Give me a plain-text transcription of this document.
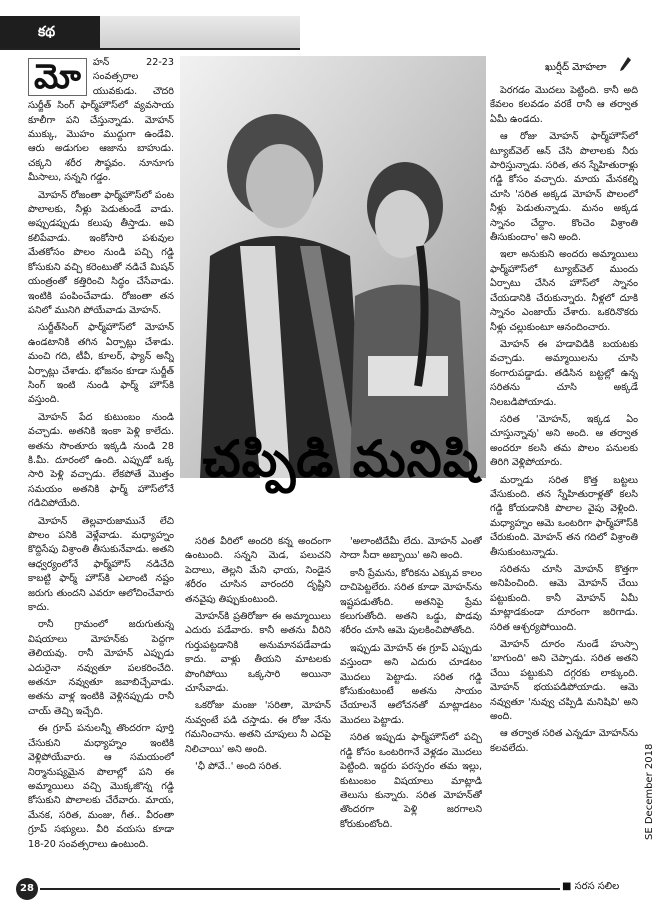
కథ

మో	హన్ 22-23 సంవత్సరాల యువకుడు. చౌదరి సుర్జీత్ సింగ్ ఫార్మ్‌హౌస్‌లో వ్యవసాయ కూలీగా పని చేస్తున్నాడు. మోహన్ ముక్కు, మొహం ముద్దుగా ఉండేవి. ఆరు అడుగుల ఆజాను బాహుడు. చక్కని శరీర సౌష్ఠవం. నూనూగు మీసాలు, సన్నని గడ్డం.

మోహన్ రోజంతా ఫార్మ్‌హౌస్‌లో పంట పొలాలకు, నీళ్లు పెడుతుండే వాడు. అప్పుడప్పుడు కలుపు తీస్తాడు. అవి కలిపేవాడు. ఇంకోసారి పశువుల మేతకోసం పొలం నుండి పచ్చి గడ్డి కోసుకుని వచ్చి కరెంటుతో నడిచే మిషన్ యంత్రంతో కత్తిరించి సిద్ధం చేసేవాడు. ఇంటికి పంపించేవాడు. రోజంతా తన పనిలో మునిగి పోయేవాడు మోహన్.

సుర్జీత్‌సింగ్ ఫార్మ్‌హౌస్‌లో మోహన్ ఉండటానికి తగిన ఏర్పాట్లు చేశాడు. మంచి గది, టీవీ, కూలర్, ఫ్యాన్ అన్నీ ఏర్పాట్లు చేశాడు. భోజనం కూడా సుర్జీత్ సింగ్ ఇంటి నుండి ఫార్మ్ హౌస్‌కి వస్తుంది.

మోహన్ పేద కుటుంబం నుండి వచ్చాడు. అతనికి ఇంకా పెళ్లి కాలేదు. అతను సొంతూరు ఇక్కడి నుండి 28 కి.మీ. దూరంలో ఉంది. ఎప్పుడో ఒక్క సారి పెళ్లి వచ్చాడు. లేకపోతే మొత్తం సమయం అతనికి ఫార్మ్ హౌస్‌లోనే గడిచిపోయేది.

మోహన్ తెల్లవారుజామునే లేచి పొలం పనికి వెళ్లేవాడు. మధ్యాహ్నం కొద్దిసేపు విశ్రాంతి తీసుకునేవాడు. అతని ఆధ్వర్యంలోనే ఫార్మ్‌హౌస్ నడిచేది కాబట్టి ఫార్మ్ హౌస్‌కి ఎలాంటి నష్టం జరుగు తుందని ఎవరూ ఆలోచించేవారు కాదు.

రానీ గ్రామంలో జరుగుతున్న విషయాలు మోహన్‌కు పెద్దగా తెలియవు. రానీ మోహన్ ఎప్పుడు ఎదురైనా నవ్వుతూ పలకరించేది. అతనూ నవ్వుతూ జవాబిచ్చేవాడు. అతను వాళ్ల ఇంటికి వెళ్లినప్పుడు రానీ చాయ్ తెచ్చి ఇచ్చేది.

ఈ గ్రూప్ పనులన్నీ తొందరగా పూర్తి చేసుకుని మధ్యాహ్నం ఇంటికి వెళ్లిపోయేవారు. ఆ సమయంలో నిర్మానుష్యమైన పొలాల్లో పని ఈ అమ్మాయిలు వచ్చి మొక్కజొన్న గడ్డి కోసుకుని పొలాలకు చేరేవారు. మాయ, మేనక, సరిత, మంజు, గీత.. వీరంతా గ్రూప్ సభ్యులు. వీరి వయసు కూడా 18-20 సంవత్సరాలు ఉంటుంది.

ఖుర్షీద్ మోహలా
చప్పిడి మనిషి

సరిత వీరిలో అందరి కన్న అందంగా ఉంటుంది. సన్నని మెడ, పలుచని పెదాలు, తెల్లని మేని ఛాయ, నిండైన శరీరం చూసిన వారందరి దృష్టిని తనవైపు తిప్పుకుంటుంది.

మోహన్‌కి ప్రతిరోజూ ఈ అమ్మాయిలు ఎదురు పడేవారు. కానీ అతను వీరిని గుర్తుపట్టడానికి అనుమానపడేవాడు కాదు. వాళ్లు తీయని మాటలకు పొంగిపోయి ఒక్కసారి అయినా చూసేవాడు.

ఒకరోజు మంజు 'సరితా, మోహన్ నువ్వంటే పడి చస్తాడు. ఈ రోజు నేను గమనించాను. అతని చూపులు నీ ఎదపై నిలిచాయి' అని అంది.

'ఛీ పోవే..' అంది సరిత.

'అలాంటిదేమీ లేదు. మోహన్ ఎంతో సాదా సీదా అబ్బాయి' అని అంది.

కానీ ప్రేమను, కోరికను ఎక్కువ కాలం దాచిపెట్టలేరు. సరిత కూడా మోహన్‌ను ఇష్టపడుతోంది. అతనిపై ప్రేమ కలుగుతోంది. అతని ఒడ్డు, పొడవు శరీరం చూసి ఆమె పులకించిపోతోంది.

ఇప్పుడు మోహన్ ఈ గ్రూప్ ఎప్పుడు వస్తుందా అని ఎదురు చూడటం మొదలు పెట్టాడు. సరిత గడ్డి కోసుకుంటుంటే అతను సాయం చేయాలనే ఆలోచనతో మాట్లాడటం మొదలు పెట్టాడు.

సరిత ఇప్పుడు ఫార్మ్‌హౌస్‌లో పచ్చి గడ్డి కోసం ఒంటరిగానే వెళ్లడం మొదలు పెట్టింది. ఇద్దరు పరస్పరం తమ ఇల్లు, కుటుంబం విషయాలు మాట్లాడి తెలుసు కున్నారు. సరిత మోహన్‌తో తొందరగా పెళ్లి జరగాలని కోరుకుంటోంది.

పెరగడం మొదలు పెట్టింది. కానీ అది కేవలం కలవడం వరకే రానీ ఆ తర్వాత ఏమీ ఉండదు.

ఆ రోజు మోహన్ ఫార్మ్‌హౌస్‌లో ట్యూబ్‌వెల్ ఆన్ చేసి పొలాలకు నీరు పారిస్తున్నాడు. సరిత, తన స్నేహితురాళ్లు గడ్డి కోసం వచ్చారు. మాయ మేనకల్ని చూసి 'సరిత అక్కడ మోహన్ పొలంలో నీళ్లు పెడుతున్నాడు. మనం అక్కడ స్నానం చేద్దాం. కొంచెం విశ్రాంతి తీసుకుందాం' అని అంది.

ఇలా అనుకుని అందరు అమ్మాయిలు ఫార్మ్‌హౌస్‌లో ట్యూబ్‌వెల్ ముందు ఏర్పాటు చేసిన హౌస్‌లో స్నానం చేయడానికి చేరుకున్నారు. నీళ్లలో దూకి స్నానం ఎంజాయ్ చేశారు. ఒకరినొకరు నీళ్లు చల్లుకుంటూ ఆనందించారు.

మోహన్ ఈ హడావిడికి బయటకు వచ్చాడు. అమ్మాయిలను చూసి కంగారుపడ్డాడు. తడిసిన బట్టల్లో ఉన్న సరితను చూసి అక్కడే నిలబడిపోయాడు.

సరిత 'మోహన్, ఇక్కడ ఏం చూస్తున్నావు' అని అంది. ఆ తర్వాత అందరూ కలసి తమ పొలం పనులకు తిరిగి వెళ్లిపోయారు.

మర్నాడు సరిత కొత్త బట్టలు వేసుకుంది. తన స్నేహితురాళ్లతో కలసి గడ్డి కోయడానికి పొలాల వైపు వెళ్లింది. మధ్యాహ్నం ఆమె ఒంటరిగా ఫార్మ్‌హౌస్‌కి చేరుకుంది. మోహన్ తన గదిలో విశ్రాంతి తీసుకుంటున్నాడు.

సరితను చూసి మోహన్ కొత్తగా అనిపించింది. ఆమె మోహన్ చేయి పట్టుకుంది. కానీ మోహన్ ఏమీ మాట్లాడకుండా దూరంగా జరిగాడు. సరిత ఆశ్చర్యపోయింది.

మోహన్ దూరం నుండే హుస్సా 'బాగుంది' అని చెప్పాడు. సరిత అతని చేయి పట్టుకుని దగ్గరకు లాక్కుంది. మోహన్ భయపడిపోయాడు. ఆమె నవ్వుతూ 'నువ్వు చప్పిడి మనిషివి' అని అంది.

ఆ తర్వాత సరిత ఎన్నడూ మోహన్‌ను కలవలేదు.	SE December 2018
28	■ సరస సలిల
